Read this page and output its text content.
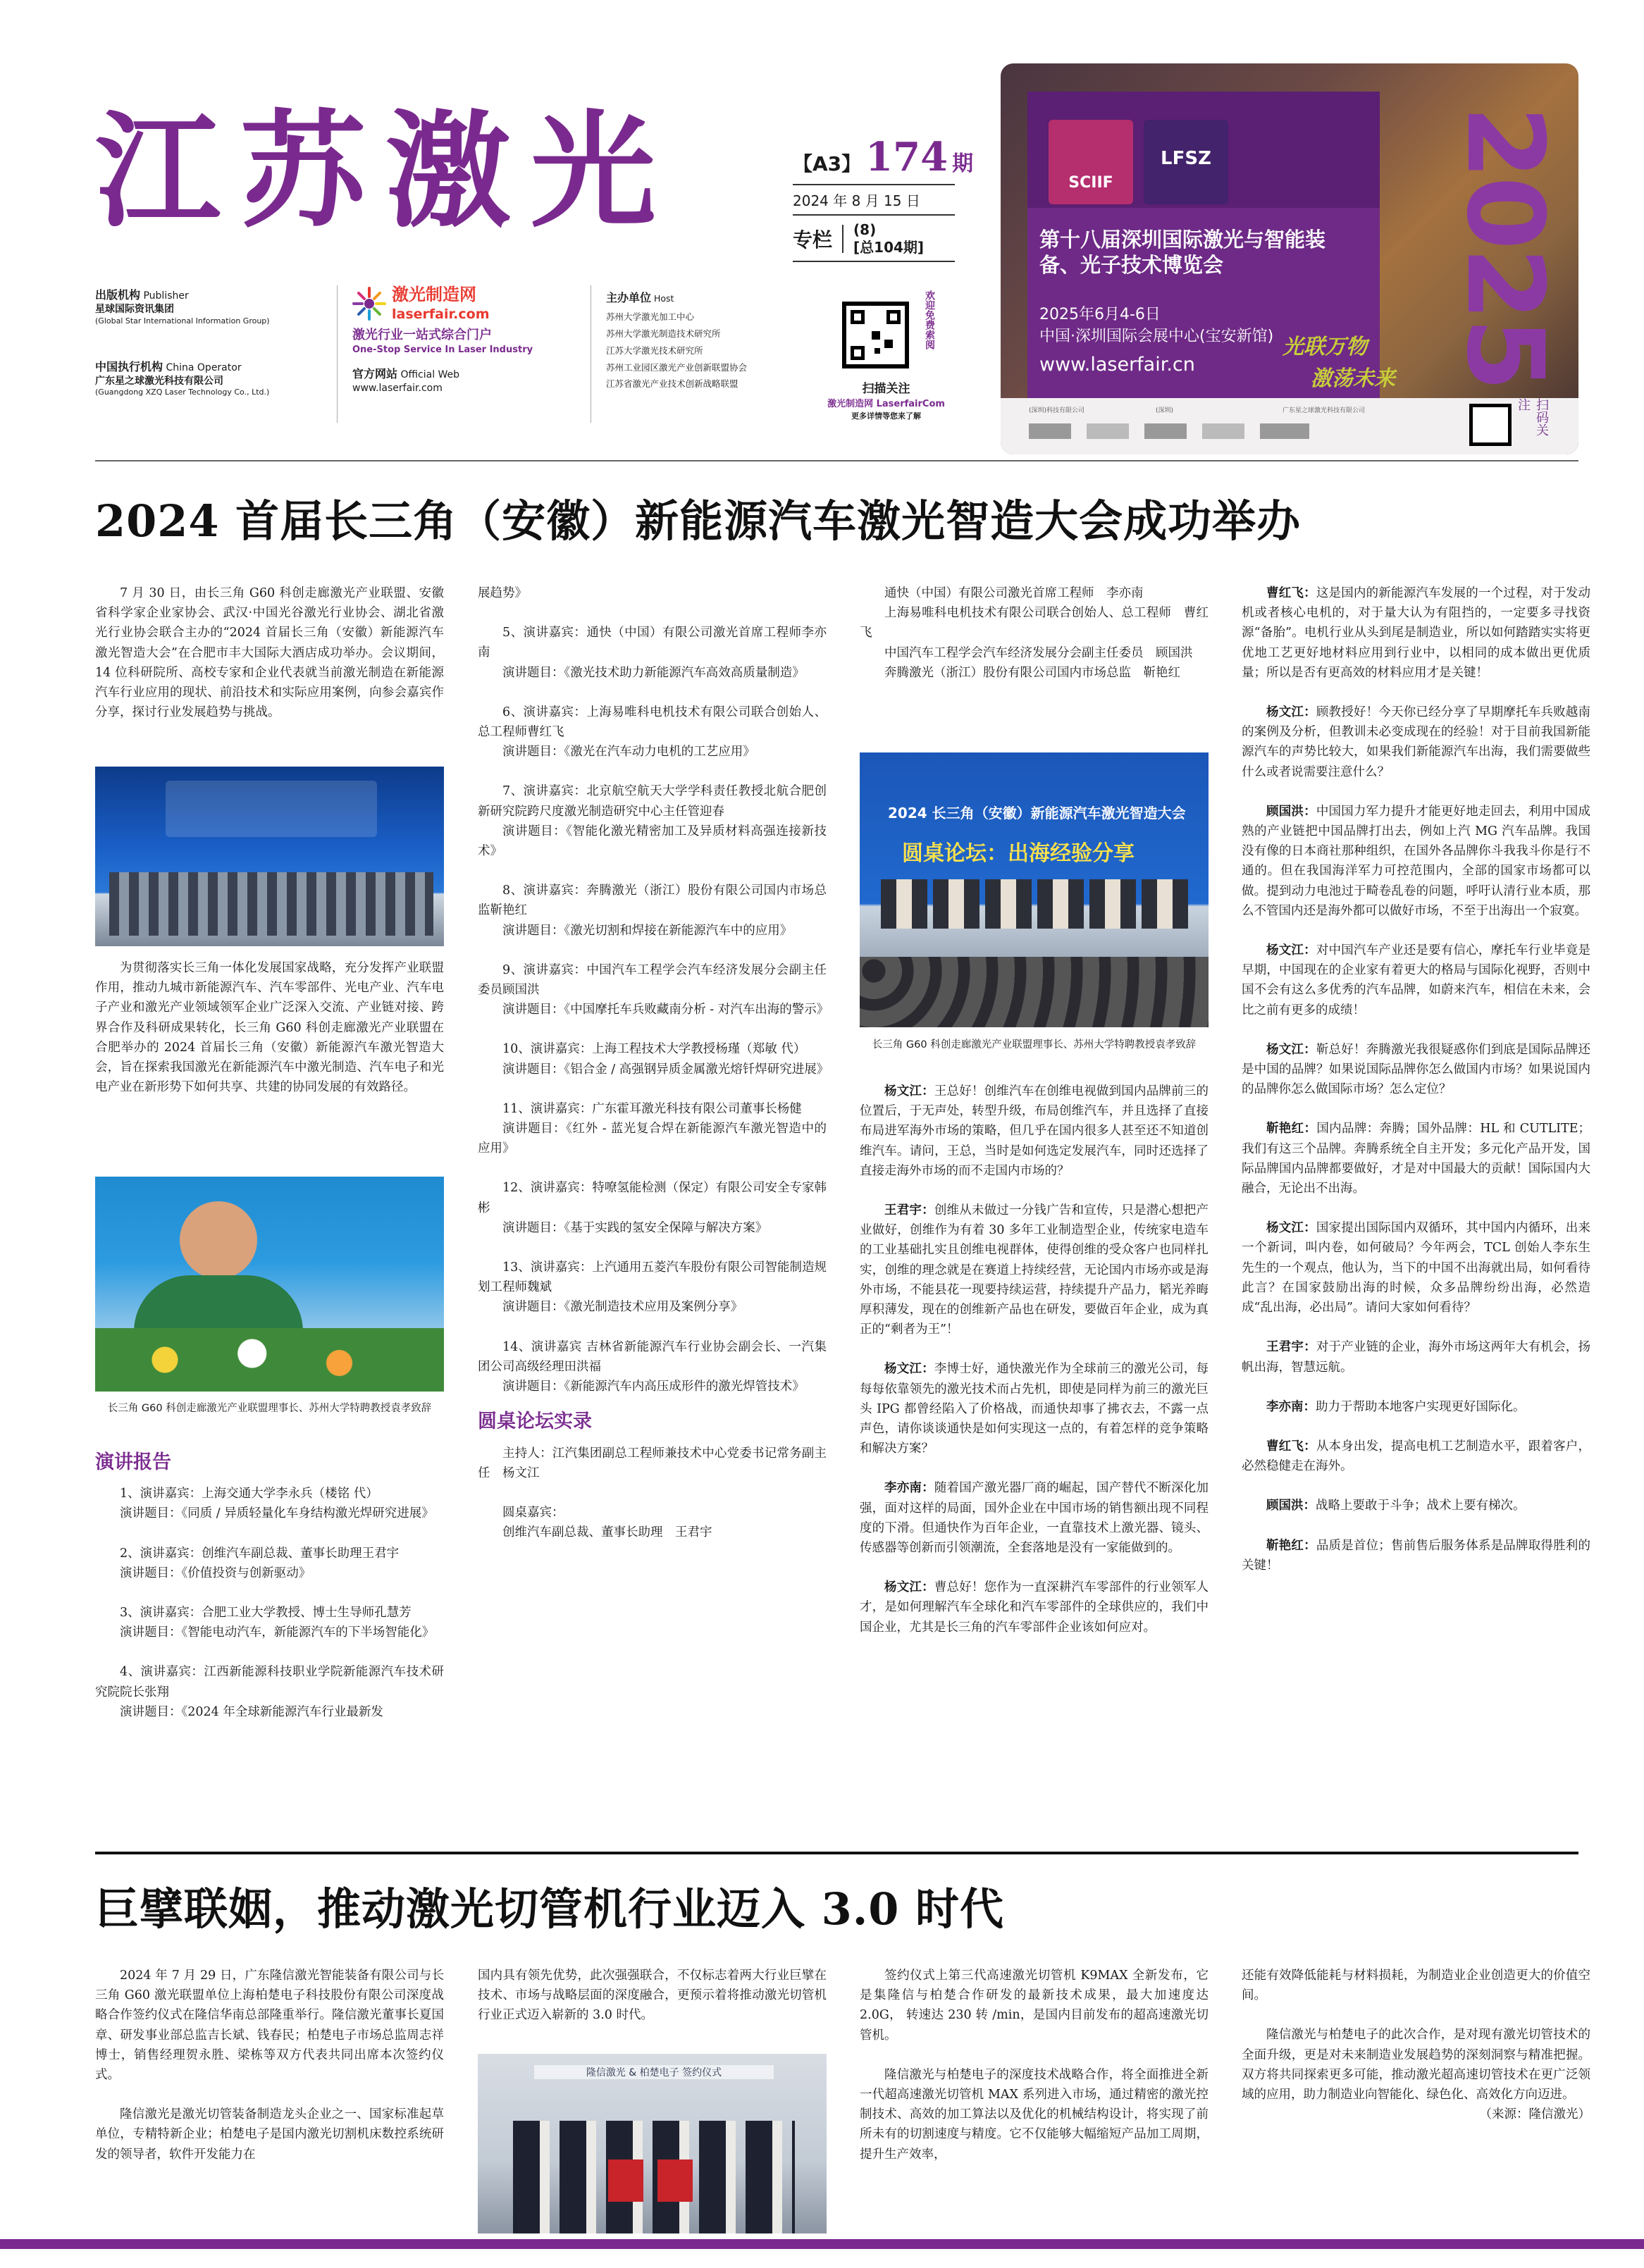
江苏激光	【A3】 174 期
2024 年 8 月 15 日
专栏	(8)
[总104期]
出版机构 Publisher
星球国际资讯集团
(Global Star International Information Group)
中国执行机构 China Operator
广东星之球激光科技有限公司
(Guangdong XZQ Laser Technology Co., Ltd.)
激光制造网
laserfair.com
激光行业一站式综合门户
One-Stop Service In Laser Industry
官方网站 Official Web
www.laserfair.com
主办单位 Host
苏州大学激光加工中心
苏州大学激光制造技术研究所
江苏大学激光技术研究所
苏州工业园区激光产业创新联盟协会
江苏省激光产业技术创新战略联盟
欢迎免费索阅
扫描关注
激光制造网 LaserfairCom
更多详情等您来了解
SCIIF
LFSZ
第十八届深圳国际激光与智能装备、光子技术博览会
2025年6月4-6日
中国·深圳国际会展中心(宝安新馆)
www.laserfair.cn 2025
光联万物
激荡未来
(深圳)科技有限公司	(深圳)	广东星之球激光科技有限公司	扫码关注
2024 首届长三角（安徽）新能源汽车激光智造大会成功举办

7 月 30 日，由长三角 G60 科创走廊激光产业联盟、安徽省科学家企业家协会、武汉·中国光谷激光行业协会、湖北省激光行业协会联合主办的“2024 首届长三角（安徽）新能源汽车激光智造大会”在合肥市丰大国际大酒店成功举办。会议期间，14 位科研院所、高校专家和企业代表就当前激光制造在新能源汽车行业应用的现状、前沿技术和实际应用案例，向参会嘉宾作分享，探讨行业发展趋势与挑战。

为贯彻落实长三角一体化发展国家战略，充分发挥产业联盟作用，推动九城市新能源汽车、汽车零部件、光电产业、汽车电子产业和激光产业领域领军企业广泛深入交流、产业链对接、跨界合作及科研成果转化，长三角 G60 科创走廊激光产业联盟在合肥举办的 2024 首届长三角（安徽）新能源汽车激光智造大会，旨在探索我国激光在新能源汽车中激光制造、汽车电子和光电产业在新形势下如何共享、共建的协同发展的有效路径。

长三角 G60 科创走廊激光产业联盟理事长、苏州大学特聘教授袁孝致辞
演讲报告

1、演讲嘉宾：上海交通大学李永兵（楼铭 代）

演讲题目：《同质 / 异质轻量化车身结构激光焊研究进展》

2、演讲嘉宾：创维汽车副总裁、董事长助理王君宇

演讲题目：《价值投资与创新驱动》

3、演讲嘉宾：合肥工业大学教授、博士生导师孔慧芳

演讲题目：《智能电动汽车，新能源汽车的下半场智能化》

4、演讲嘉宾：江西新能源科技职业学院新能源汽车技术研究院院长张翔

演讲题目：《2024 年全球新能源汽车行业最新发

展趋势》

5、演讲嘉宾：通快（中国）有限公司激光首席工程师李亦南

演讲题目：《激光技术助力新能源汽车高效高质量制造》

6、演讲嘉宾：上海易唯科电机技术有限公司联合创始人、总工程师曹红飞

演讲题目：《激光在汽车动力电机的工艺应用》

7、演讲嘉宾：北京航空航天大学学科责任教授北航合肥创新研究院跨尺度激光制造研究中心主任管迎春

演讲题目：《智能化激光精密加工及异质材料高强连接新技术》

8、演讲嘉宾：奔腾激光（浙江）股份有限公司国内市场总监靳艳红

演讲题目：《激光切割和焊接在新能源汽车中的应用》

9、演讲嘉宾：中国汽车工程学会汽车经济发展分会副主任委员顾国洪

演讲题目：《中国摩托车兵败藏南分析 - 对汽车出海的警示》

10、演讲嘉宾：上海工程技术大学教授杨瑾（郑敏 代）

演讲题目：《铝合金 / 高强钢异质金属激光熔钎焊研究进展》

11、演讲嘉宾：广东霍耳激光科技有限公司董事长杨健

演讲题目：《红外 - 蓝光复合焊在新能源汽车激光智造中的应用》

12、演讲嘉宾：特嘹氢能检测（保定）有限公司安全专家韩彬

演讲题目：《基于实践的氢安全保障与解决方案》

13、演讲嘉宾：上汽通用五菱汽车股份有限公司智能制造规划工程师魏斌

演讲题目：《激光制造技术应用及案例分享》

14、演讲嘉宾 吉林省新能源汽车行业协会副会长、一汽集团公司高级经理田洪福

演讲题目：《新能源汽车内高压成形件的激光焊管技术》

圆桌论坛实录

主持人：江汽集团副总工程师兼技术中心党委书记常务副主任　杨文江

圆桌嘉宾：

创维汽车副总裁、董事长助理　王君宇

通快（中国）有限公司激光首席工程师　李亦南

上海易唯科电机技术有限公司联合创始人、总工程师　曹红飞

中国汽车工程学会汽车经济发展分会副主任委员　顾国洪

奔腾激光（浙江）股份有限公司国内市场总监　靳艳红

2024 长三角（安徽）新能源汽车激光智造大会
圆桌论坛：出海经验分享
长三角 G60 科创走廊激光产业联盟理事长、苏州大学特聘教授袁孝致辞

杨文江：王总好！创维汽车在创维电视做到国内品牌前三的位置后，于无声处，转型升级，布局创维汽车，并且选择了直接布局进军海外市场的策略，但几乎在国内很多人甚至还不知道创维汽车。请问，王总，当时是如何选定发展汽车，同时还选择了直接走海外市场的而不走国内市场的？

王君宇：创维从未做过一分钱广告和宣传，只是潜心想把产业做好，创维作为有着 30 多年工业制造型企业，传统家电造车的工业基础扎实且创维电视群体，使得创维的受众客户也同样扎实，创维的理念就是在赛道上持续经营，无论国内市场亦或是海外市场，不能县花一现要持续运营，持续提升产品力，韬光养晦厚积薄发，现在的创维新产品也在研发，要做百年企业，成为真正的“剩者为王”！

杨文江：李博士好，通快激光作为全球前三的激光公司，每每每依靠领先的激光技术而占先机，即使是同样为前三的激光巨头 IPG 都曾经陷入了价格战，而通快却事了拂衣去，不露一点声色，请你谈谈通快是如何实现这一点的，有着怎样的竞争策略和解决方案？

李亦南：随着国产激光器厂商的崛起，国产替代不断深化加强，面对这样的局面，国外企业在中国市场的销售额出现不同程度的下滑。但通快作为百年企业，一直靠技术上激光器、镜头、传感器等创新而引领潮流，全套落地是没有一家能做到的。

杨文江：曹总好！您作为一直深耕汽车零部件的行业领军人才，是如何理解汽车全球化和汽车零部件的全球供应的，我们中国企业，尤其是长三角的汽车零部件企业该如何应对。

曹红飞：这是国内的新能源汽车发展的一个过程，对于发动机或者核心电机的，对于量大认为有阻挡的，一定要多寻找资源“备胎”。电机行业从头到尾是制造业，所以如何踏踏实实将更优地工艺更好地材料应用到行业中，以相同的成本做出更优质量；所以是否有更高效的材料应用才是关键！

杨文江：顾教授好！今天你已经分享了早期摩托车兵败越南的案例及分析，但教训未必变成现在的经验！对于目前我国新能源汽车的声势比较大，如果我们新能源汽车出海，我们需要做些什么或者说需要注意什么？

顾国洪：中国国力军力提升才能更好地走回去，利用中国成熟的产业链把中国品牌打出去，例如上汽 MG 汽车品牌。我国没有像的日本商社那种组织，在国外各品牌你斗我我斗你是行不通的。但在我国海洋军力可控范围内，全部的国家市场都可以做。提到动力电池过于畸卷乱卷的问题，呼吁认清行业本质，那么不管国内还是海外都可以做好市场，不至于出海出一个寂寞。

杨文江：对中国汽车产业还是要有信心，摩托车行业毕竟是早期，中国现在的企业家有着更大的格局与国际化视野，否则中国不会有这么多优秀的汽车品牌，如蔚来汽车，相信在未来，会比之前有更多的成绩！

杨文江：靳总好！奔腾激光我很疑惑你们到底是国际品牌还是中国的品牌？如果说国际品牌你怎么做国内市场？如果说国内的品牌你怎么做国际市场？怎么定位？

靳艳红：国内品牌：奔腾；国外品牌：HL 和 CUTLITE；我们有这三个品牌。奔腾系统全自主开发；多元化产品开发，国际品牌国内品牌都要做好，才是对中国最大的贡献！国际国内大融合，无论出不出海。

杨文江：国家提出国际国内双循环，其中国内内循环，出来一个新词，叫内卷，如何破局？今年两会，TCL 创始人李东生先生的一个观点，他认为，当下的中国不出海就出局，如何看待此言？在国家鼓励出海的时候，众多品牌纷纷出海，必然造成“乱出海，必出局”。请问大家如何看待？

王君宇：对于产业链的企业，海外市场这两年大有机会，扬帆出海，智慧远航。

李亦南：助力于帮助本地客户实现更好国际化。

曹红飞：从本身出发，提高电机工艺制造水平，跟着客户，必然稳健走在海外。

顾国洪：战略上要敢于斗争；战术上要有梯次。

靳艳红：品质是首位；售前售后服务体系是品牌取得胜利的关键！

巨擘联姻，推动激光切管机行业迈入 3.0 时代

2024 年 7 月 29 日，广东隆信激光智能装备有限公司与长三角 G60 激光联盟单位上海柏楚电子科技股份有限公司深度战略合作签约仪式在隆信华南总部隆重举行。隆信激光董事长夏国章、研发事业部总监吉长斌、钱春民；柏楚电子市场总监周志祥博士，销售经理贺永胜、梁栋等双方代表共同出席本次签约仪式。

隆信激光是激光切管装备制造龙头企业之一、国家标准起草单位，专精特新企业；柏楚电子是国内激光切割机床数控系统研发的领导者，软件开发能力在

国内具有领先优势，此次强强联合，不仅标志着两大行业巨擘在技术、市场与战略层面的深度融合，更预示着将推动激光切管机行业正式迈入崭新的 3.0 时代。

隆信激光 & 柏楚电子 签约仪式

签约仪式上第三代高速激光切管机 K9MAX 全新发布，它是集隆信与柏楚合作研发的最新技术成果，最大加速度达 2.0G， 转速达 230 转 /min，是国内目前发布的超高速激光切管机。

隆信激光与柏楚电子的深度技术战略合作，将全面推进全新一代超高速激光切管机 MAX 系列进入市场，通过精密的激光控制技术、高效的加工算法以及优化的机械结构设计，将实现了前所未有的切割速度与精度。它不仅能够大幅缩短产品加工周期，提升生产效率，

还能有效降低能耗与材料损耗，为制造业企业创造更大的价值空间。

隆信激光与柏楚电子的此次合作，是对现有激光切管技术的全面升级，更是对未来制造业发展趋势的深刻洞察与精准把握。双方将共同探索更多可能，推动激光超高速切管技术在更广泛领域的应用，助力制造业向智能化、绿色化、高效化方向迈进。

（来源：隆信激光）
